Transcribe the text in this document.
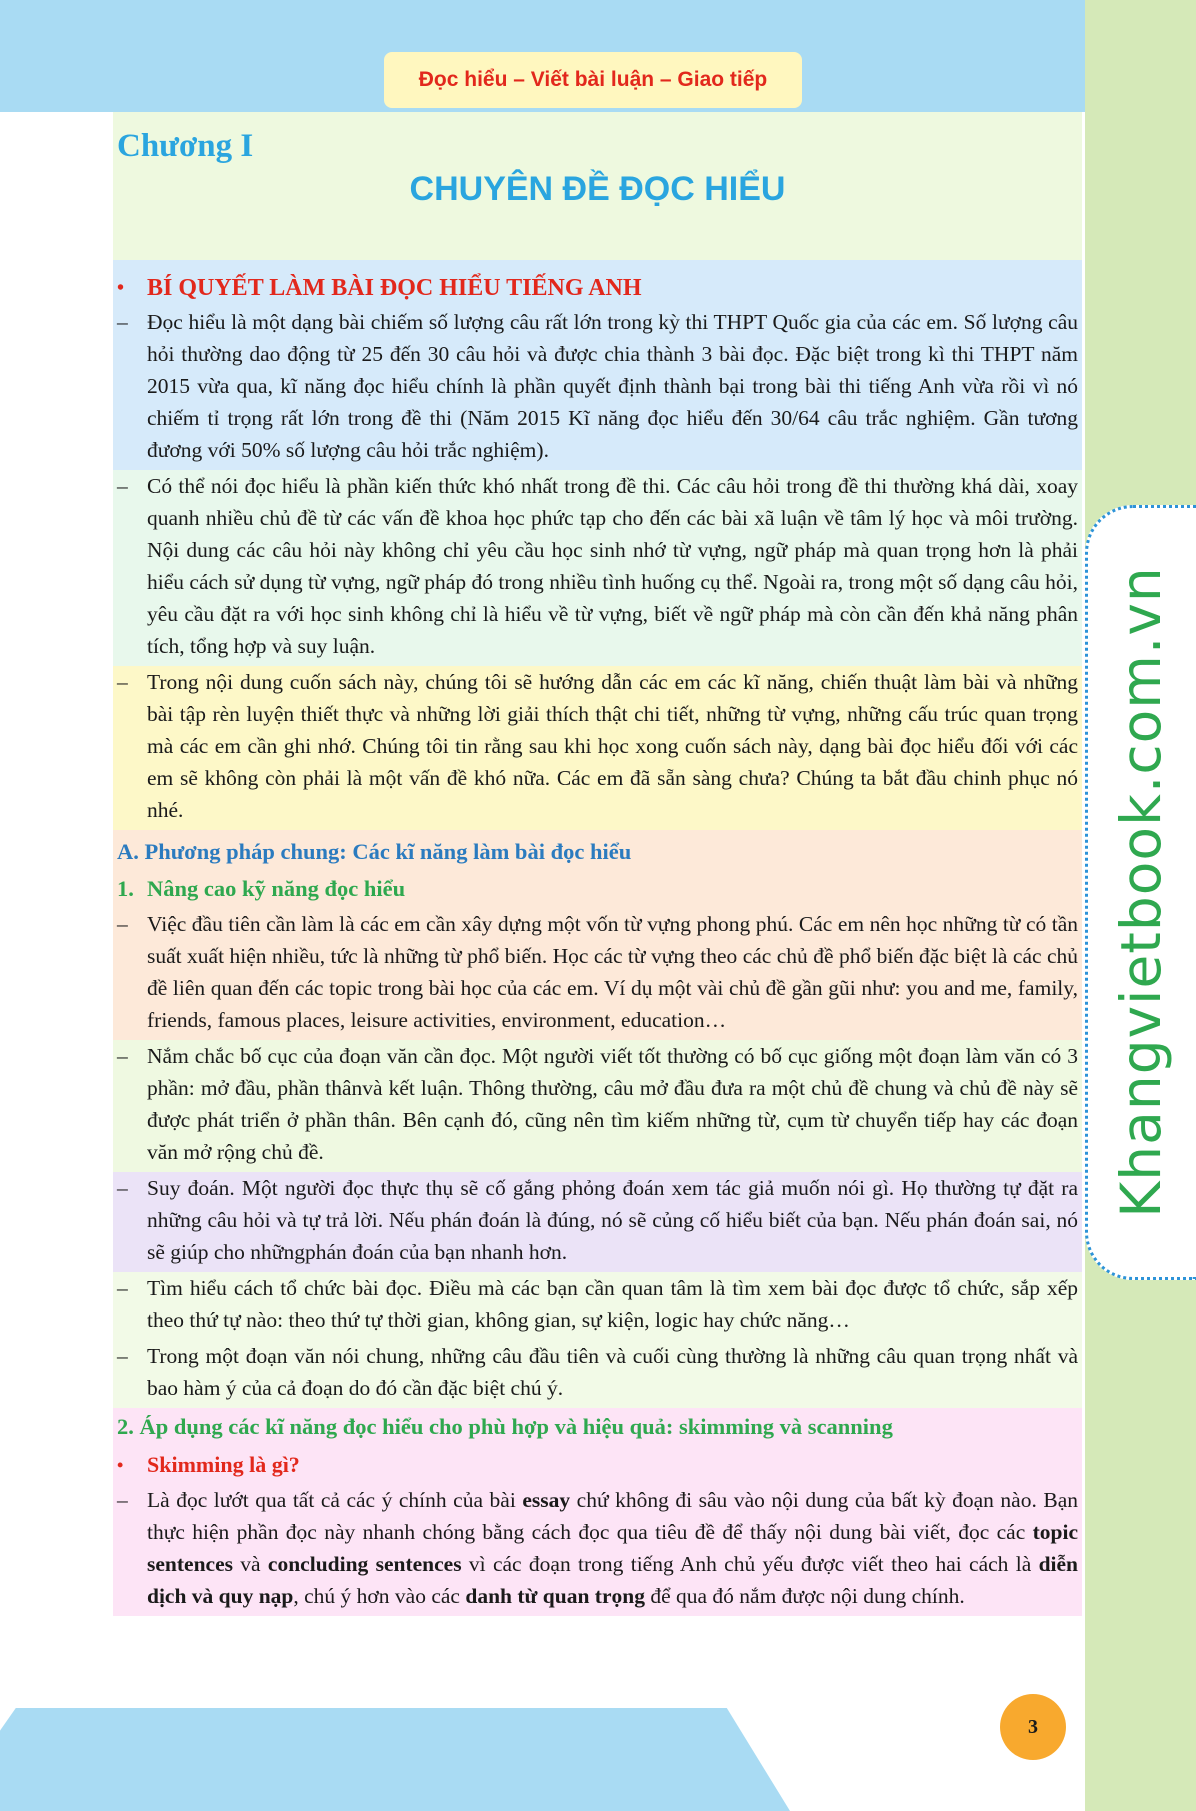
Đọc hiểu – Viết bài luận – Giao tiếp
Khangvietbook.com.vn
Chương I
CHUYÊN ĐỀ ĐỌC HIỂU
• BÍ QUYẾT LÀM BÀI ĐỌC HIỂU TIẾNG ANH
– Đọc hiểu là một dạng bài chiếm số lượng câu rất lớn trong kỳ thi THPT Quốc gia của các em. Số lượng câu hỏi thường dao động từ 25 đến 30 câu hỏi và được chia thành 3 bài đọc. Đặc biệt trong kì thi THPT năm 2015 vừa qua, kĩ năng đọc hiểu chính là phần quyết định thành bại trong bài thi tiếng Anh vừa rồi vì nó chiếm tỉ trọng rất lớn trong đề thi (Năm 2015 Kĩ năng đọc hiểu đến 30/64 câu trắc nghiệm. Gần tương đương với 50% số lượng câu hỏi trắc nghiệm).
– Có thể nói đọc hiểu là phần kiến thức khó nhất trong đề thi. Các câu hỏi trong đề thi thường khá dài, xoay quanh nhiều chủ đề từ các vấn đề khoa học phức tạp cho đến các bài xã luận về tâm lý học và môi trường. Nội dung các câu hỏi này không chỉ yêu cầu học sinh nhớ từ vựng, ngữ pháp mà quan trọng hơn là phải hiểu cách sử dụng từ vựng, ngữ pháp đó trong nhiều tình huống cụ thể. Ngoài ra, trong một số dạng câu hỏi, yêu cầu đặt ra với học sinh không chỉ là hiểu về từ vựng, biết về ngữ pháp mà còn cần đến khả năng phân tích, tổng hợp và suy luận.
– Trong nội dung cuốn sách này, chúng tôi sẽ hướng dẫn các em các kĩ năng, chiến thuật làm bài và những bài tập rèn luyện thiết thực và những lời giải thích thật chi tiết, những từ vựng, những cấu trúc quan trọng mà các em cần ghi nhớ. Chúng tôi tin rằng sau khi học xong cuốn sách này, dạng bài đọc hiểu đối với các em sẽ không còn phải là một vấn đề khó nữa. Các em đã sẵn sàng chưa? Chúng ta bắt đầu chinh phục nó nhé.
A. Phương pháp chung: Các kĩ năng làm bài đọc hiểu
1. Nâng cao kỹ năng đọc hiểu
– Việc đầu tiên cần làm là các em cần xây dựng một vốn từ vựng phong phú. Các em nên học những từ có tần suất xuất hiện nhiều, tức là những từ phổ biến. Học các từ vựng theo các chủ đề phổ biến đặc biệt là các chủ đề liên quan đến các topic trong bài học của các em. Ví dụ một vài chủ đề gần gũi như: you and me, family, friends, famous places, leisure activities, environment, education…
– Nắm chắc bố cục của đoạn văn cần đọc. Một người viết tốt thường có bố cục giống một đoạn làm văn có 3 phần: mở đầu, phần thânvà kết luận. Thông thường, câu mở đầu đưa ra một chủ đề chung và chủ đề này sẽ được phát triển ở phần thân. Bên cạnh đó, cũng nên tìm kiếm những từ, cụm từ chuyển tiếp hay các đoạn văn mở rộng chủ đề.
– Suy đoán. Một người đọc thực thụ sẽ cố gắng phỏng đoán xem tác giả muốn nói gì. Họ thường tự đặt ra những câu hỏi và tự trả lời. Nếu phán đoán là đúng, nó sẽ củng cố hiểu biết của bạn. Nếu phán đoán sai, nó sẽ giúp cho nhữngphán đoán của bạn nhanh hơn.
– Tìm hiểu cách tổ chức bài đọc. Điều mà các bạn cần quan tâm là tìm xem bài đọc được tổ chức, sắp xếp theo thứ tự nào: theo thứ tự thời gian, không gian, sự kiện, logic hay chức năng…
– Trong một đoạn văn nói chung, những câu đầu tiên và cuối cùng thường là những câu quan trọng nhất và bao hàm ý của cả đoạn do đó cần đặc biệt chú ý.
2. Áp dụng các kĩ năng đọc hiểu cho phù hợp và hiệu quả: skimming và scanning
•	Skimming là gì?
– Là đọc lướt qua tất cả các ý chính của bài essay chứ không đi sâu vào nội dung của bất kỳ đoạn nào. Bạn thực hiện phần đọc này nhanh chóng bằng cách đọc qua tiêu đề để thấy nội dung bài viết, đọc các topic sentences và concluding sentences vì các đoạn trong tiếng Anh chủ yếu được viết theo hai cách là diễn dịch và quy nạp, chú ý hơn vào các danh từ quan trọng để qua đó nắm được nội dung chính.
3
